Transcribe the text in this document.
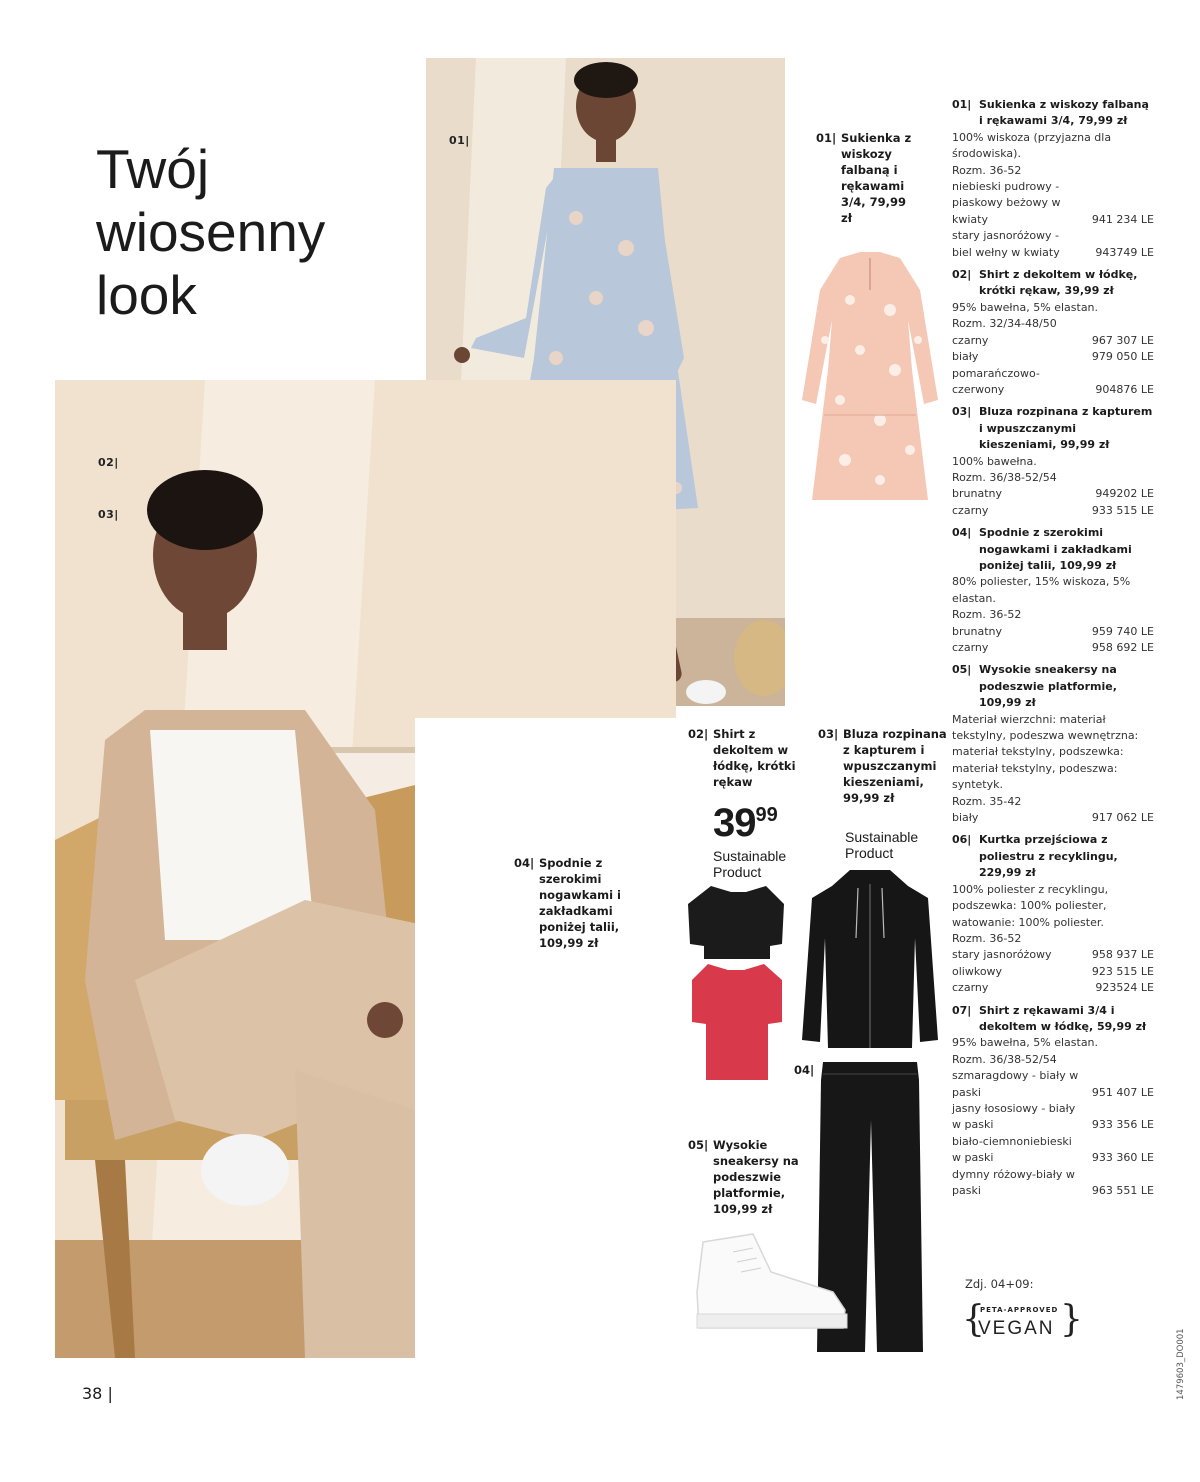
Twój
wiosenny
look
01|
02|
03|
04| Spodnie z szerokimi nogawkami i zakładkami poniżej talii, 109,99 zł
01| Sukienka z wiskozy falbaną i rękawami 3/4, 79,99 zł
02| Shirt z dekoltem w łódkę, krótki rękaw
$39^{99}$
Sustainable Product
03| Bluza rozpinana z kapturem i wpuszczanymi kieszeniami, 99,99 zł
Sustainable Product
04|
05| Wysokie sneakersy na podeszwie platformie, 109,99 zł
01| Sukienka z wiskozy falbaną i rękawami 3/4, 79,99 zł
100% wiskoza (przyjazna dla środowiska).
Rozm. 36-52
niebieski pudrowy - piaskowy beżowy w kwiaty	941 234 LE
stary jasnoróżowy - biel wełny w kwiaty	943749 LE
02| Shirt z dekoltem w łódkę, krótki rękaw, 39,99 zł
95% bawełna, 5% elastan.
Rozm. 32/34-48/50
czarny	967 307 LE
biały	979 050 LE
pomarańczowo-czerwony	904876 LE
03| Bluza rozpinana z kapturem i wpuszczanymi kieszeniami, 99,99 zł
100% bawełna.
Rozm. 36/38-52/54
brunatny	949202 LE
czarny	933 515 LE
04| Spodnie z szerokimi nogawkami i zakładkami poniżej talii, 109,99 zł
80% poliester, 15% wiskoza, 5% elastan.
Rozm. 36-52
brunatny	959 740 LE
czarny	958 692 LE
05| Wysokie sneakersy na podeszwie platformie, 109,99 zł
Materiał wierzchni: materiał tekstylny, podeszwa wewnętrzna: materiał tekstylny, podszewka: materiał tekstylny, podeszwa: syntetyk.
Rozm. 35-42
biały	917 062 LE
06| Kurtka przejściowa z poliestru z recyklingu, 229,99 zł
100% poliester z recyklingu, podszewka: 100% poliester, watowanie: 100% poliester.
Rozm. 36-52
stary jasnoróżowy	958 937 LE
oliwkowy	923 515 LE
czarny	923524 LE
07| Shirt z rękawami 3/4 i dekoltem w łódkę, 59,99 zł
95% bawełna, 5% elastan.
Rozm. 36/38-52/54
szmaragdowy - biały w paski	951 407 LE
jasny łososiowy - biały w paski	933 356 LE
biało-ciemnoniebieski w paski	933 360 LE
dymny różowy-biały w paski	963 551 LE
Zdj. 04+09:
{
PETA-APPROVED
VEGAN }
38 |	1479603_DO001
